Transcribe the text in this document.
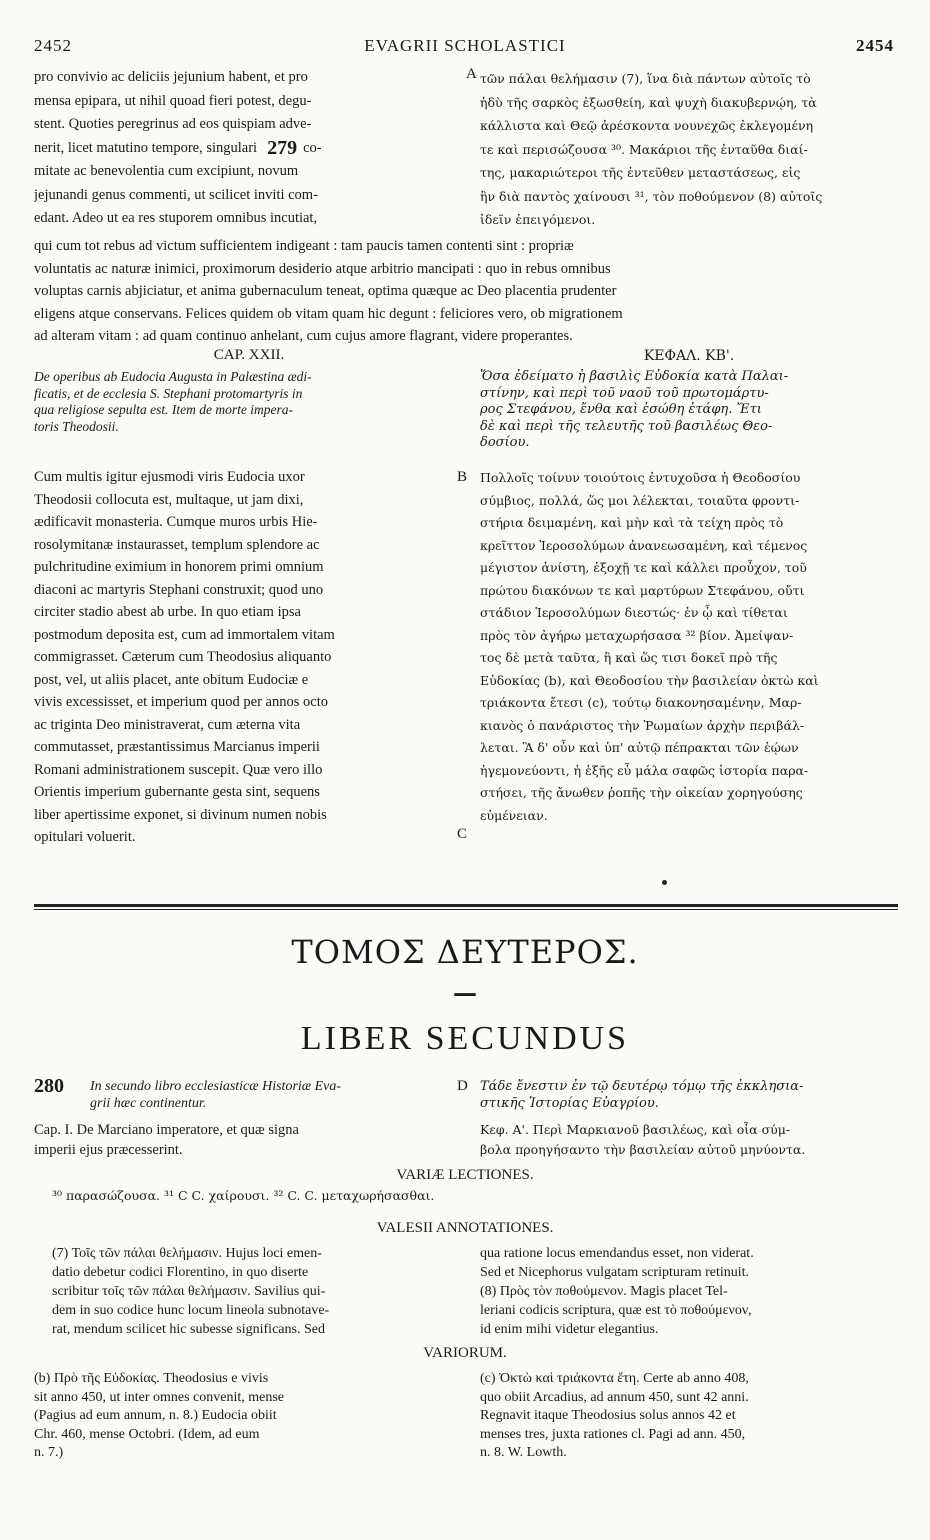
2452	EVAGRII SCHOLASTICI	2454
pro convivio ac deliciis jejunium habent, et pro
mensa epipara, ut nihil quoad fieri potest, degu-
stent. Quoties peregrinus ad eos quispiam adve-
nerit, licet matutino tempore, singulari 279 co-
mitate ac benevolentia cum excipiunt, novum
jejunandi genus commenti, ut scilicet inviti com-
edant. Adeo ut ea res stuporem omnibus incutiat,
A τῶν πάλαι θελήμασιν (7), ἵνα διὰ πάντων αὐτοῖς τὸ
ἡδὺ τῆς σαρκὸς ἐξωσθείη, καὶ ψυχὴ διακυβερνῴη, τὰ
κάλλιστα καὶ Θεῷ ἀρέσκοντα νουνεχῶς ἐκλεγομένη
τε καὶ περισώζουσα ³⁰. Μακάριοι τῆς ἐνταῦθα διαί-
της, μακαριώτεροι τῆς ἐντεῦθεν μεταστάσεως, εἰς
ἣν διὰ παντὸς χαίνουσι ³¹, τὸν ποθούμενον (8) αὐτοῖς
ἰδεῖν ἐπειγόμενοι.
qui cum tot rebus ad victum sufficientem indigeant : tam paucis tamen contenti sint : propriæ
voluntatis ac naturæ inimici, proximorum desiderio atque arbitrio mancipati : quo in rebus omnibus
voluptas carnis abjiciatur, et anima gubernaculum teneat, optima quæque ac Deo placentia prudenter
eligens atque conservans. Felices quidem ob vitam quam hic degunt : feliciores vero, ob migrationem
ad alteram vitam : ad quam continuo anhelant, cum cujus amore flagrant, videre properantes.
CAP. XXII.	ΚΕΦΑΛ. ΚΒ'.
De operibus ab Eudocia Augusta in Palæstina ædi-
ficatis, et de ecclesia S. Stephani protomartyris in
qua religiose sepulta est. Item de morte impera-
toris Theodosii.
Ὅσα ἐδείματο ἡ βασιλὶς Εὐδοκία κατὰ Παλαι-
στίνην, καὶ περὶ τοῦ ναοῦ τοῦ πρωτομάρτυ-
ρος Στεφάνου, ἔνθα καὶ ἐσώθη ἐτάφη. Ἔτι
δὲ καὶ περὶ τῆς τελευτῆς τοῦ βασιλέως Θεο-
δοσίου.
Cum multis igitur ejusmodi viris Eudocia uxor
Theodosii collocuta est, multaque, ut jam dixi,
ædificavit monasteria. Cumque muros urbis Hie-
rosolymitanæ instaurasset, templum splendore ac
pulchritudine eximium in honorem primi omnium
diaconi ac martyris Stephani construxit; quod uno
circiter stadio abest ab urbe. In quo etiam ipsa
postmodum deposita est, cum ad immortalem vitam
commigrasset. Cæterum cum Theodosius aliquanto
post, vel, ut aliis placet, ante obitum Eudociæ e
vivis excessisset, et imperium quod per annos octo
ac triginta Deo ministraverat, cum æterna vita
commutasset, præstantissimus Marcianus imperii
Romani administrationem suscepit. Quæ vero illo
Orientis imperium gubernante gesta sint, sequens
liber apertissime exponet, si divinum numen nobis
opitulari voluerit.
B
C
Πολλοῖς τοίνυν τοιούτοις ἐντυχοῦσα ἡ Θεοδοσίου
σύμβιος, πολλά, ὥς μοι λέλεκται, τοιαῦτα φροντι-
στήρια δειμαμένη, καὶ μὴν καὶ τὰ τείχη πρὸς τὸ
κρεῖττον Ἱεροσολύμων ἀνανεωσαμένη, καὶ τέμενος
μέγιστον ἀνίστη, ἐξοχῇ τε καὶ κάλλει προὖχον, τοῦ
πρώτου διακόνων τε καὶ μαρτύρων Στεφάνου, οὔτι
στάδιον Ἱεροσολύμων διεστώς· ἐν ᾧ καὶ τίθεται
πρὸς τὸν ἀγήρω μεταχωρήσασα ³² βίον. Ἀμείψαν-
τος δὲ μετὰ ταῦτα, ἢ καὶ ὥς τισι δοκεῖ πρὸ τῆς
Εὐδοκίας (b), καὶ Θεοδοσίου τὴν βασιλείαν ὀκτὼ καὶ
τριάκοντα ἔτεσι (c), τούτῳ διακονησαμένην, Μαρ-
κιανὸς ὁ πανάριστος τὴν Ῥωμαίων ἀρχὴν περιβάλ-
λεται. Ἃ δ' οὖν καὶ ὑπ' αὐτῷ πέπρακται τῶν ἑῴων
ἡγεμονεύοντι, ἡ ἑξῆς εὖ μάλα σαφῶς ἱστορία παρα-
στήσει, τῆς ἄνωθεν ῥοπῆς τὴν οἰκείαν χορηγούσης
εὐμένειαν.
ΤΟΜΟΣ ΔΕΥΤΕΡΟΣ.
—
LIBER SECUNDUS
280 In secundo libro ecclesiasticæ Historiæ Eva-
grii hæc continentur.
D Τάδε ἔνεστιν ἐν τῷ δευτέρῳ τόμῳ τῆς ἐκκλησια-
στικῆς Ἱστορίας Εὐαγρίου.
Cap. I. De Marciano imperatore, et quæ signa
imperii ejus præcesserint.
Κεφ. Α'. Περὶ Μαρκιανοῦ βασιλέως, καὶ οἷα σύμ-
βολα προηγήσαντο τὴν βασιλείαν αὐτοῦ μηνύοντα.
VARIÆ LECTIONES.
³⁰ παρασώζουσα. ³¹ C C. χαίρουσι. ³² C. C. μεταχωρήσασθαι.
VALESII ANNOTATIONES.
(7) Τοῖς τῶν πάλαι θελήμασιν. Hujus loci emen-
datio debetur codici Florentino, in quo diserte
scribitur τοῖς τῶν πάλαι θελήμασιν. Savilius qui-
dem in suo codice hunc locum lineola subnotave-
rat, mendum scilicet hic subesse significans. Sed
qua ratione locus emendandus esset, non viderat.
Sed et Nicephorus vulgatam scripturam retinuit.
(8) Πρὸς τὸν ποθούμενον. Magis placet Tel-
leriani codicis scriptura, quæ est τὸ ποθούμενον,
id enim mihi videtur elegantius.
VARIORUM.
(b) Πρὸ τῆς Εὐδοκίας. Theodosius e vivis
sit anno 450, ut inter omnes convenit, mense
(Pagius ad eum annum, n. 8.) Eudocia obiit
Chr. 460, mense Octobri. (Idem, ad eum
n. 7.)
(c) Ὀκτὼ καὶ τριάκοντα ἔτη. Certe ab anno 408,
quo obiit Arcadius, ad annum 450, sunt 42 anni.
Regnavit itaque Theodosius solus annos 42 et
menses tres, juxta rationes cl. Pagi ad ann. 450,
n. 8. W. Lowth.
